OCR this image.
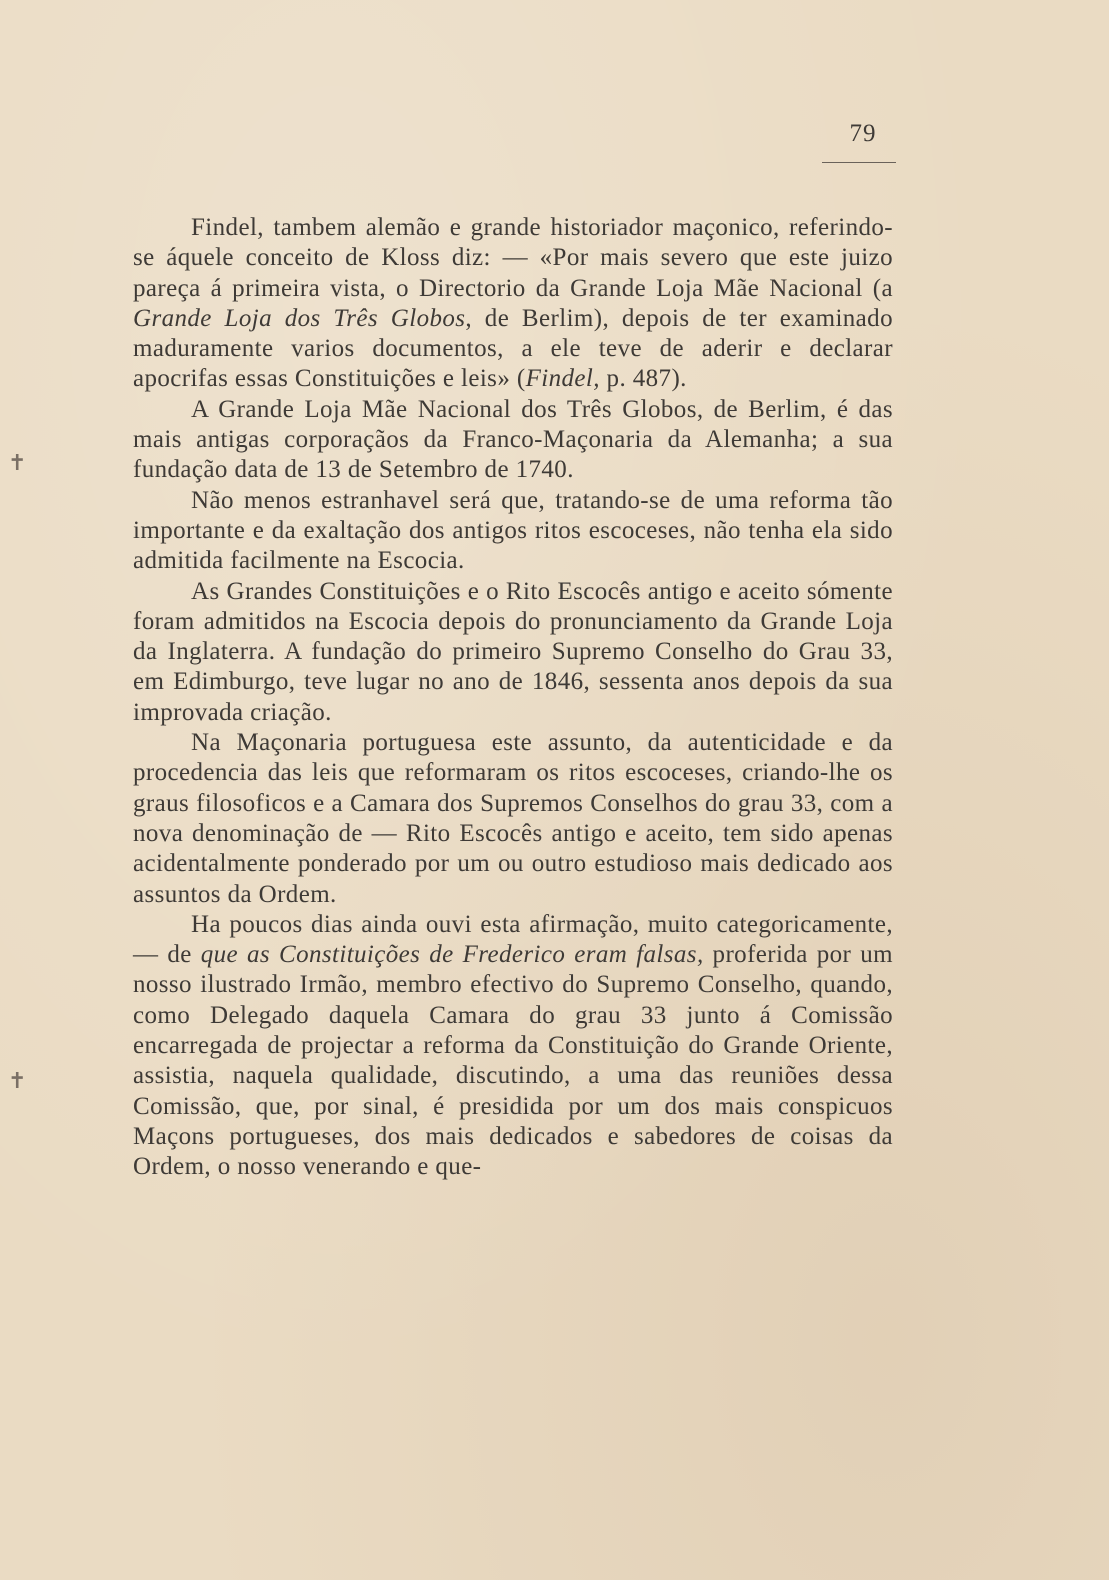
79
✝
✝

Findel, tambem alemão e grande historiador maçonico, referindo-se áquele conceito de Kloss diz: — «Por mais severo que este juizo pareça á primeira vista, o Directorio da Grande Loja Mãe Nacional (a Grande Loja dos Três Globos, de Berlim), depois de ter examinado maduramente varios documentos, a ele teve de aderir e declarar apocrifas essas Constituições e leis» (Findel, p. 487).

A Grande Loja Mãe Nacional dos Três Globos, de Berlim, é das mais antigas corporaçãos da Franco-Maçonaria da Alemanha; a sua fundação data de 13 de Setembro de 1740.

Não menos estranhavel será que, tratando-se de uma reforma tão importante e da exaltação dos antigos ritos escoceses, não tenha ela sido admitida facilmente na Escocia.

As Grandes Constituições e o Rito Escocês antigo e aceito sómente foram admitidos na Escocia depois do pronunciamento da Grande Loja da Inglaterra. A fundação do primeiro Supremo Conselho do Grau 33, em Edimburgo, teve lugar no ano de 1846, sessenta anos depois da sua improvada criação.

Na Maçonaria portuguesa este assunto, da autenticidade e da procedencia das leis que reformaram os ritos escoceses, criando-lhe os graus filosoficos e a Camara dos Supremos Conselhos do grau 33, com a nova denominação de — Rito Escocês antigo e aceito, tem sido apenas acidentalmente ponderado por um ou outro estudioso mais dedicado aos assuntos da Ordem.

Ha poucos dias ainda ouvi esta afirmação, muito categoricamente, — de que as Constituições de Frederico eram falsas, proferida por um nosso ilustrado Irmão, membro efectivo do Supremo Conselho, quando, como Delegado daquela Camara do grau 33 junto á Comissão encarregada de projectar a reforma da Constituição do Grande Oriente, assistia, naquela qualidade, discutindo, a uma das reuniões dessa Comissão, que, por sinal, é presidida por um dos mais conspicuos Maçons portugueses, dos mais dedicados e sabedores de coisas da Ordem, o nosso venerando e que-
